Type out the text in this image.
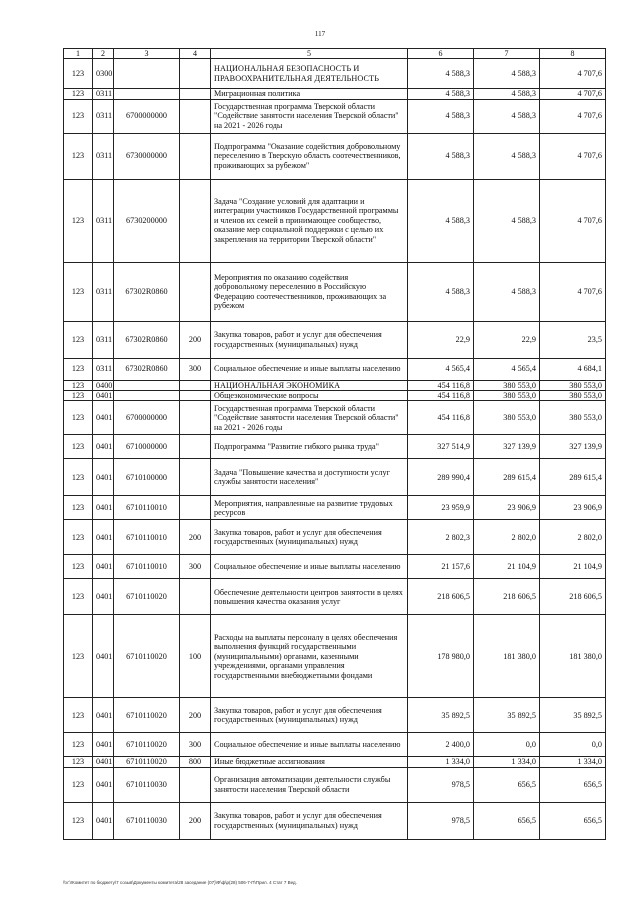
117
1	2	3	4	5	6	7	8
123	0300			НАЦИОНАЛЬНАЯ БЕЗОПАСНОСТЬ И ПРАВООХРАНИТЕЛЬНАЯ ДЕЯТЕЛЬНОСТЬ	4 588,3	4 588,3	4 707,6
123	0311			Миграционная политика	4 588,3	4 588,3	4 707,6
123	0311	6700000000		Государственная программа Тверской области "Содействие занятости населения Тверской области" на 2021 - 2026 годы	4 588,3	4 588,3	4 707,6
123	0311	6730000000		Подпрограмма "Оказание содействия добровольному переселению в Тверскую область соотечественников, проживающих за рубежом"	4 588,3	4 588,3	4 707,6
123	0311	6730200000		Задача "Создание условий для адаптации и интеграции участников Государственной программы и членов их семей в принимающее сообщество, оказание мер социальной поддержки с целью их закрепления на территории Тверской области"	4 588,3	4 588,3	4 707,6
123	0311	67302R0860		Мероприятия по оказанию содействия добровольному переселению в Российскую Федерацию соотечественников, проживающих за рубежом	4 588,3	4 588,3	4 707,6
123	0311	67302R0860	200	Закупка товаров, работ и услуг для обеспечения государственных (муниципальных) нужд	22,9	22,9	23,5
123	0311	67302R0860	300	Социальное обеспечение и иные выплаты населению	4 565,4	4 565,4	4 684,1
123	0400			НАЦИОНАЛЬНАЯ ЭКОНОМИКА	454 116,8	380 553,0	380 553,0
123	0401			Общеэкономические вопросы	454 116,8	380 553,0	380 553,0
123	0401	6700000000		Государственная программа Тверской области "Содействие занятости населения Тверской области" на 2021 - 2026 годы	454 116,8	380 553,0	380 553,0
123	0401	6710000000		Подпрограмма "Развитие гибкого рынка труда"	327 514,9	327 139,9	327 139,9
123	0401	6710100000		Задача "Повышение качества и доступности услуг службы занятости населения"	289 990,4	289 615,4	289 615,4
123	0401	6710110010		Мероприятия, направленные на развитие трудовых ресурсов	23 959,9	23 906,9	23 906,9
123	0401	6710110010	200	Закупка товаров, работ и услуг для обеспечения государственных (муниципальных) нужд	2 802,3	2 802,0	2 802,0
123	0401	6710110010	300	Социальное обеспечение и иные выплаты населению	21 157,6	21 104,9	21 104,9
123	0401	6710110020		Обеспечение деятельности центров занятости в целях повышения качества оказания услуг	218 606,5	218 606,5	218 606,5
123	0401	6710110020	100	Расходы на выплаты персоналу в целях обеспечения выполнения функций государственными (муниципальными) органами, казенными учреждениями, органами управления государственными внебюджетными фондами	178 980,0	181 380,0	181 380,0
123	0401	6710110020	200	Закупка товаров, работ и услуг для обеспечения государственных (муниципальных) нужд	35 892,5	35 892,5	35 892,5
123	0401	6710110020	300	Социальное обеспечение и иные выплаты населению	2 400,0	0,0	0,0
123	0401	6710110020	800	Иные бюджетные ассигнования	1 334,0	1 334,0	1 334,0
123	0401	6710110030		Организация автоматизации деятельности службы занятости населения Тверской области	978,5	656,5	656,5
123	0401	6710110030	200	Закупка товаров, работ и услуг для обеспечения государственных (муниципальных) нужд	978,5	656,5	656,5
\\V:\!Комитет по бюджету\7 созыв\Документы комитета\28 заседание (07)\Ф\ф\р(28) 506-7-П\Прил. 4 Стат 7 Вед.
